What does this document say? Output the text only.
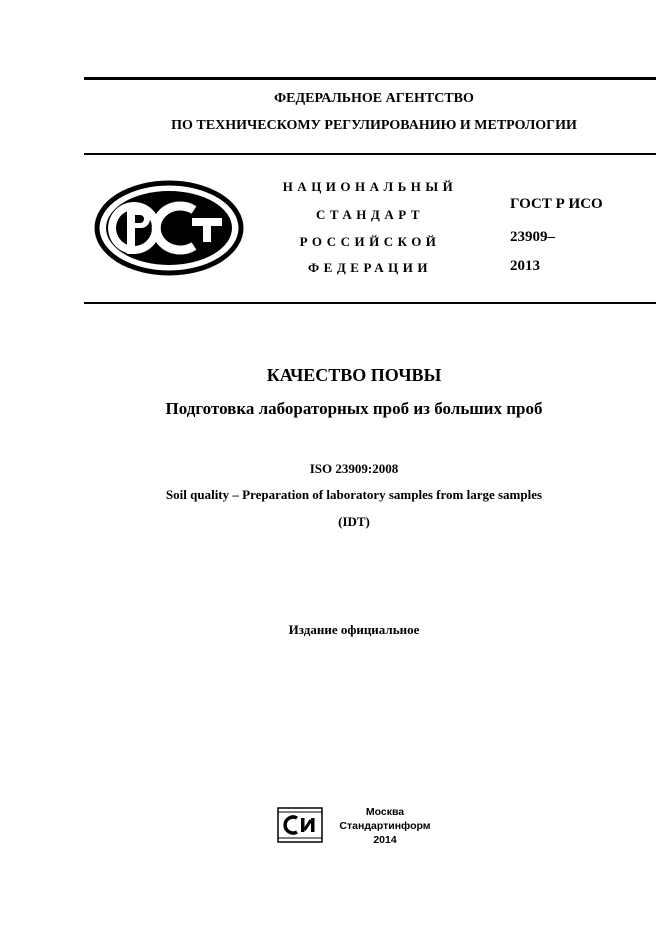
ФЕДЕРАЛЬНОЕ АГЕНТСТВО
ПО ТЕХНИЧЕСКОМУ РЕГУЛИРОВАНИЮ И МЕТРОЛОГИИ
НАЦИОНАЛЬНЫЙ
СТАНДАРТ
РОССИЙСКОЙ
ФЕДЕРАЦИИ
ГОСТ Р ИСО
23909–
2013
КАЧЕСТВО ПОЧВЫ
Подготовка лабораторных проб из больших проб
ISO 23909:2008
Soil quality – Preparation of laboratory samples from large samples
(IDT)
Издание официальное
Москва
Стандартинформ
2014
